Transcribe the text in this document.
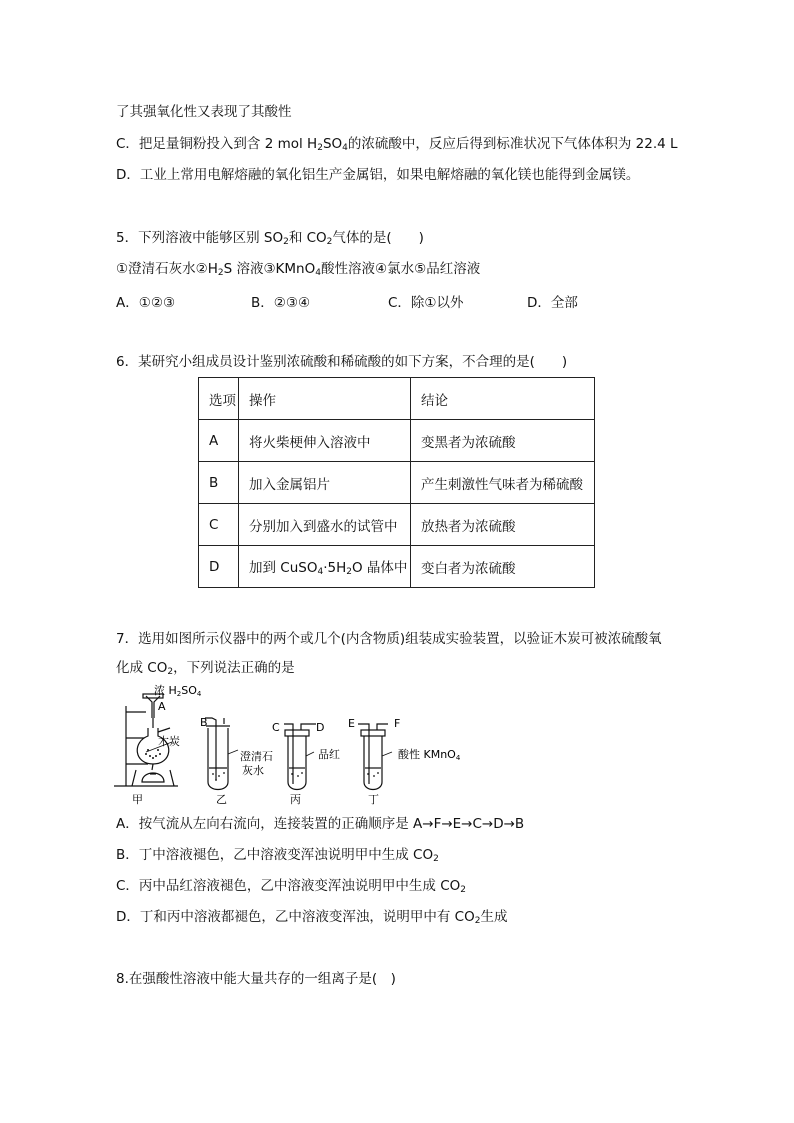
了其强氧化性又表现了其酸性
C．把足量铜粉投入到含 2 mol $H_2SO_4$的浓硫酸中，反应后得到标准状况下气体体积为 22.4 L
D．工业上常用电解熔融的氧化铝生产金属铝，如果电解熔融的氧化镁也能得到金属镁。
5．下列溶液中能够区别 $SO_2$和 $CO_2$气体的是(　　)
①澄清石灰水$②H_2S$ 溶液③KMnO$_4$酸性溶液④氯水⑤品红溶液
A．①②③	B．②③④	C．除①以外	D．全部
6．某研究小组成员设计鉴别浓硫酸和稀硫酸的如下方案，不合理的是(　　)
选项	操作	结论
A	将火柴梗伸入溶液中	变黑者为浓硫酸
B	加入金属铝片	产生刺激性气味者为稀硫酸
C	分别加入到盛水的试管中	放热者为浓硫酸
D	加到 $CuSO_4\cdot 5H_2O$ 晶体中	变白者为浓硫酸
7．选用如图所示仪器中的两个或几个(内含物质)组装成实验装置，以验证木炭可被浓硫酸氧
化成 $CO_2$，下列说法正确的是
浓 H2SO4
A
木炭
甲
B
澄清石
灰水
乙
C	D
品红
丙
E	F
酸性 KMnO4
丁
A．按气流从左向右流向，连接装置的正确顺序是 A→F→E→C→D→B
B．丁中溶液褪色，乙中溶液变浑浊说明甲中生成 $CO_2$
C．丙中品红溶液褪色，乙中溶液变浑浊说明甲中生成 $CO_2$
D．丁和丙中溶液都褪色，乙中溶液变浑浊，说明甲中有 $CO_2$生成
8.在强酸性溶液中能大量共存的一组离子是(　)
